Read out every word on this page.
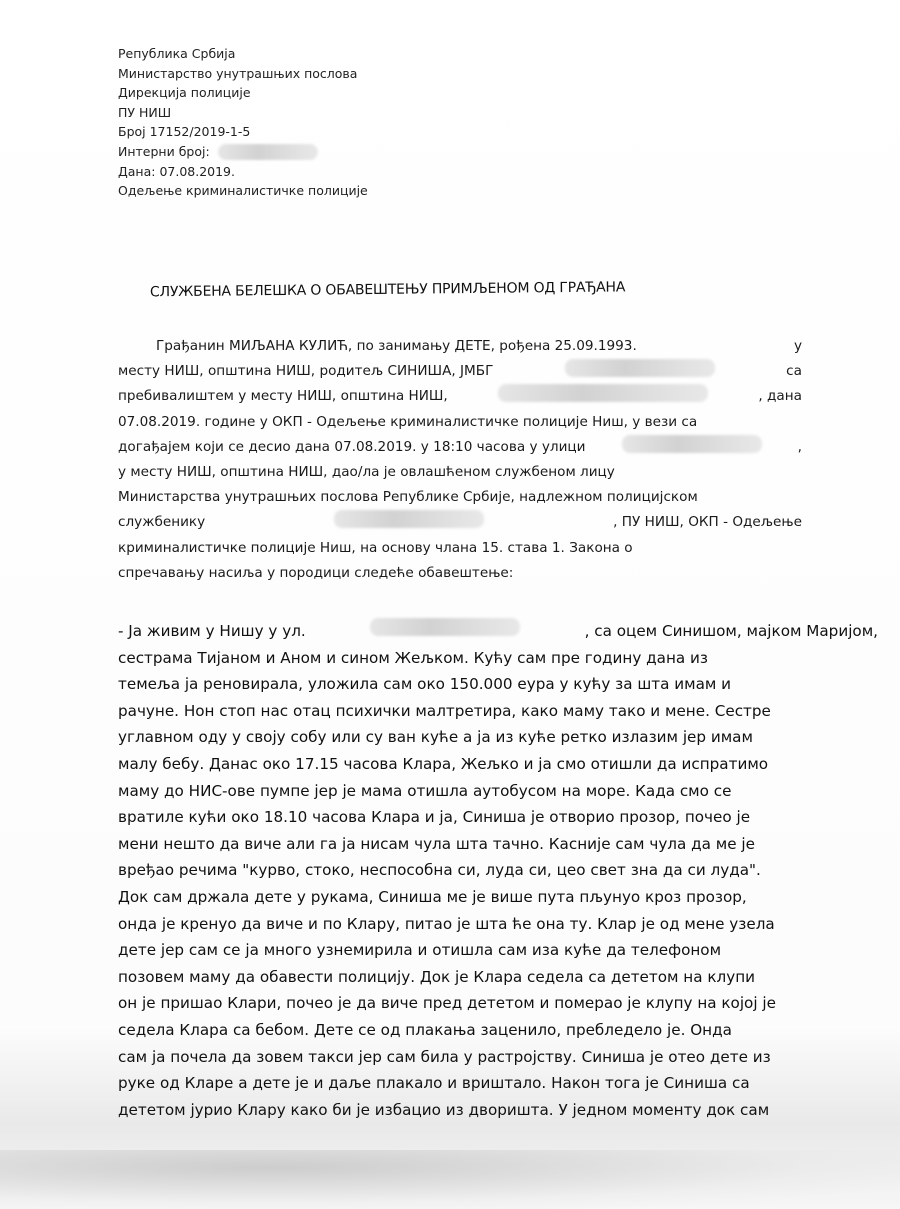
Република Србија
Министарство унутрашњих послова
Дирекција полиције
ПУ НИШ
Број 17152/2019-1-5
Интерни број:
Дана: 07.08.2019.
Одељење криминалистичке полиције
СЛУЖБЕНА БЕЛЕШКА О ОБАВЕШТЕЊУ ПРИМЉЕНОМ ОД ГРАЂАНА
Грађанин МИЉАНА КУЛИЋ, по занимању ДЕТЕ, рођена 25.09.1993.	у
месту НИШ, општина НИШ, родитељ СИНИША, ЈМБГ	са
пребивалиштем у месту НИШ, општина НИШ,	, дана
07.08.2019. године у ОКП - Одељење криминалистичке полиције Ниш, у вези са
догађајем који се десио дана 07.08.2019. у 18:10 часова у улици	,
у месту НИШ, општина НИШ, дао/ла је овлашћеном службеном лицу
Министарства унутрашњих послова Републике Србије, надлежном полицијском
службенику	, ПУ НИШ, ОКП - Одељење
криминалистичке полиције Ниш, на основу члана 15. става 1. Закона о
спречавању насиља у породици следеће обавештење:
- Ја живим у Нишу у ул.	, са оцем Синишом, мајком Маријом,
сестрама Тијаном и Аном и сином Жељком. Кућу сам пре годину дана из
темеља ја реновирала, уложила сам око 150.000 еура у кућу за шта имам и
рачуне. Нон стоп нас отац психички малтретира, како маму тако и мене. Сестре
углавном оду у своју собу или су ван куће а ја из куће ретко излазим јер имам
малу бебу. Данас око 17.15 часова Клара, Жељко и ја смо отишли да испратимо
маму до НИС-ове пумпе јер је мама отишла аутобусом на море. Када смо се
вратиле кући око 18.10 часова Клара и ја, Синиша је отворио прозор, почео је
мени нешто да виче али га ја нисам чула шта тачно. Касније сам чула да ме је
вређао речима "курво, стоко, неспособна си, луда си, цео свет зна да си луда".
Док сам држала дете у рукама, Синиша ме је више пута пљунуо кроз прозор,
онда је кренуо да виче и по Клару, питао је шта ће она ту. Клар је од мене узела
дете јер сам се ја много узнемирила и отишла сам иза куће да телефоном
позовем маму да обавести полицију. Док је Клара седела са дететом на клупи
он је пришао Клари, почео је да виче пред дететом и померао је клупу на којој је
седела Клара са бебом. Дете се од плакања заценило, пребледело је. Онда
сам ја почела да зовем такси јер сам била у растројству. Синиша је отео дете из
руке од Кларе а дете је и даље плакало и вриштало. Након тога је Синиша са
дететом јурио Клару како би је избацио из дворишта. У једном моменту док сам
